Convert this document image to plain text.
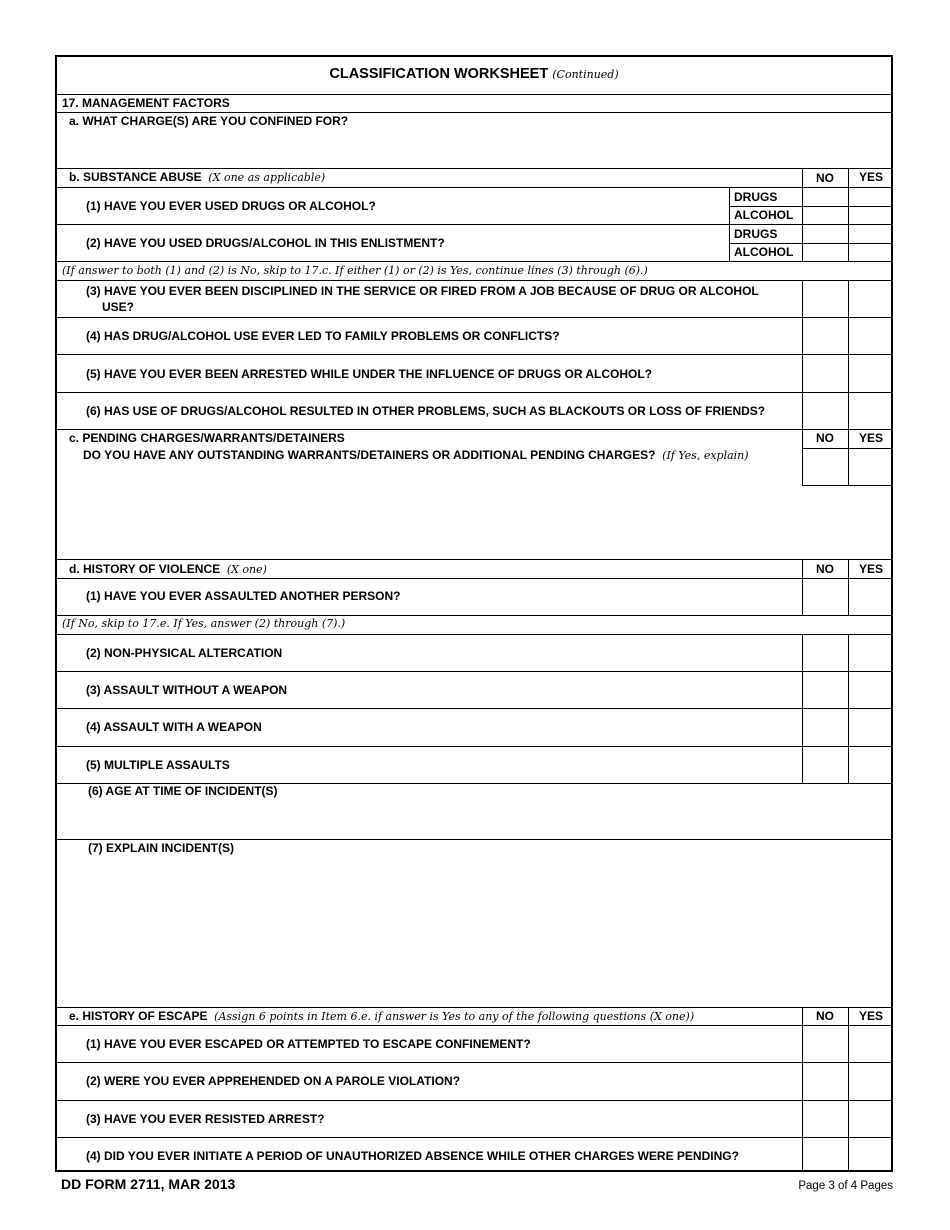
CLASSIFICATION WORKSHEET (Continued)
17. MANAGEMENT FACTORS
a. WHAT CHARGE(S) ARE YOU CONFINED FOR?
b. SUBSTANCE ABUSE (X one as applicable)	NO	YES
(1) HAVE YOU EVER USED DRUGS OR ALCOHOL?
DRUGS
ALCOHOL
(2) HAVE YOU USED DRUGS/ALCOHOL IN THIS ENLISTMENT?
DRUGS
ALCOHOL
(If answer to both (1) and (2) is No, skip to 17.c. If either (1) or (2) is Yes, continue lines (3) through (6).)
(3) HAVE YOU EVER BEEN DISCIPLINED IN THE SERVICE OR FIRED FROM A JOB BECAUSE OF DRUG OR ALCOHOL
USE?
(4) HAS DRUG/ALCOHOL USE EVER LED TO FAMILY PROBLEMS OR CONFLICTS?
(5) HAVE YOU EVER BEEN ARRESTED WHILE UNDER THE INFLUENCE OF DRUGS OR ALCOHOL?
(6) HAS USE OF DRUGS/ALCOHOL RESULTED IN OTHER PROBLEMS, SUCH AS BLACKOUTS OR LOSS OF FRIENDS?
c. PENDING CHARGES/WARRANTS/DETAINERS
DO YOU HAVE ANY OUTSTANDING WARRANTS/DETAINERS OR ADDITIONAL PENDING CHARGES? (If Yes, explain)
NO	YES
d. HISTORY OF VIOLENCE (X one)	NO	YES
(1) HAVE YOU EVER ASSAULTED ANOTHER PERSON?
(If No, skip to 17.e. If Yes, answer (2) through (7).)
(2) NON-PHYSICAL ALTERCATION
(3) ASSAULT WITHOUT A WEAPON
(4) ASSAULT WITH A WEAPON
(5) MULTIPLE ASSAULTS
(6) AGE AT TIME OF INCIDENT(S)
(7) EXPLAIN INCIDENT(S)
e. HISTORY OF ESCAPE (Assign 6 points in Item 6.e. if answer is Yes to any of the following questions (X one))	NO	YES
(1) HAVE YOU EVER ESCAPED OR ATTEMPTED TO ESCAPE CONFINEMENT?
(2) WERE YOU EVER APPREHENDED ON A PAROLE VIOLATION?
(3) HAVE YOU EVER RESISTED ARREST?
(4) DID YOU EVER INITIATE A PERIOD OF UNAUTHORIZED ABSENCE WHILE OTHER CHARGES WERE PENDING?
DD FORM 2711, MAR 2013	Page 3 of 4 Pages
